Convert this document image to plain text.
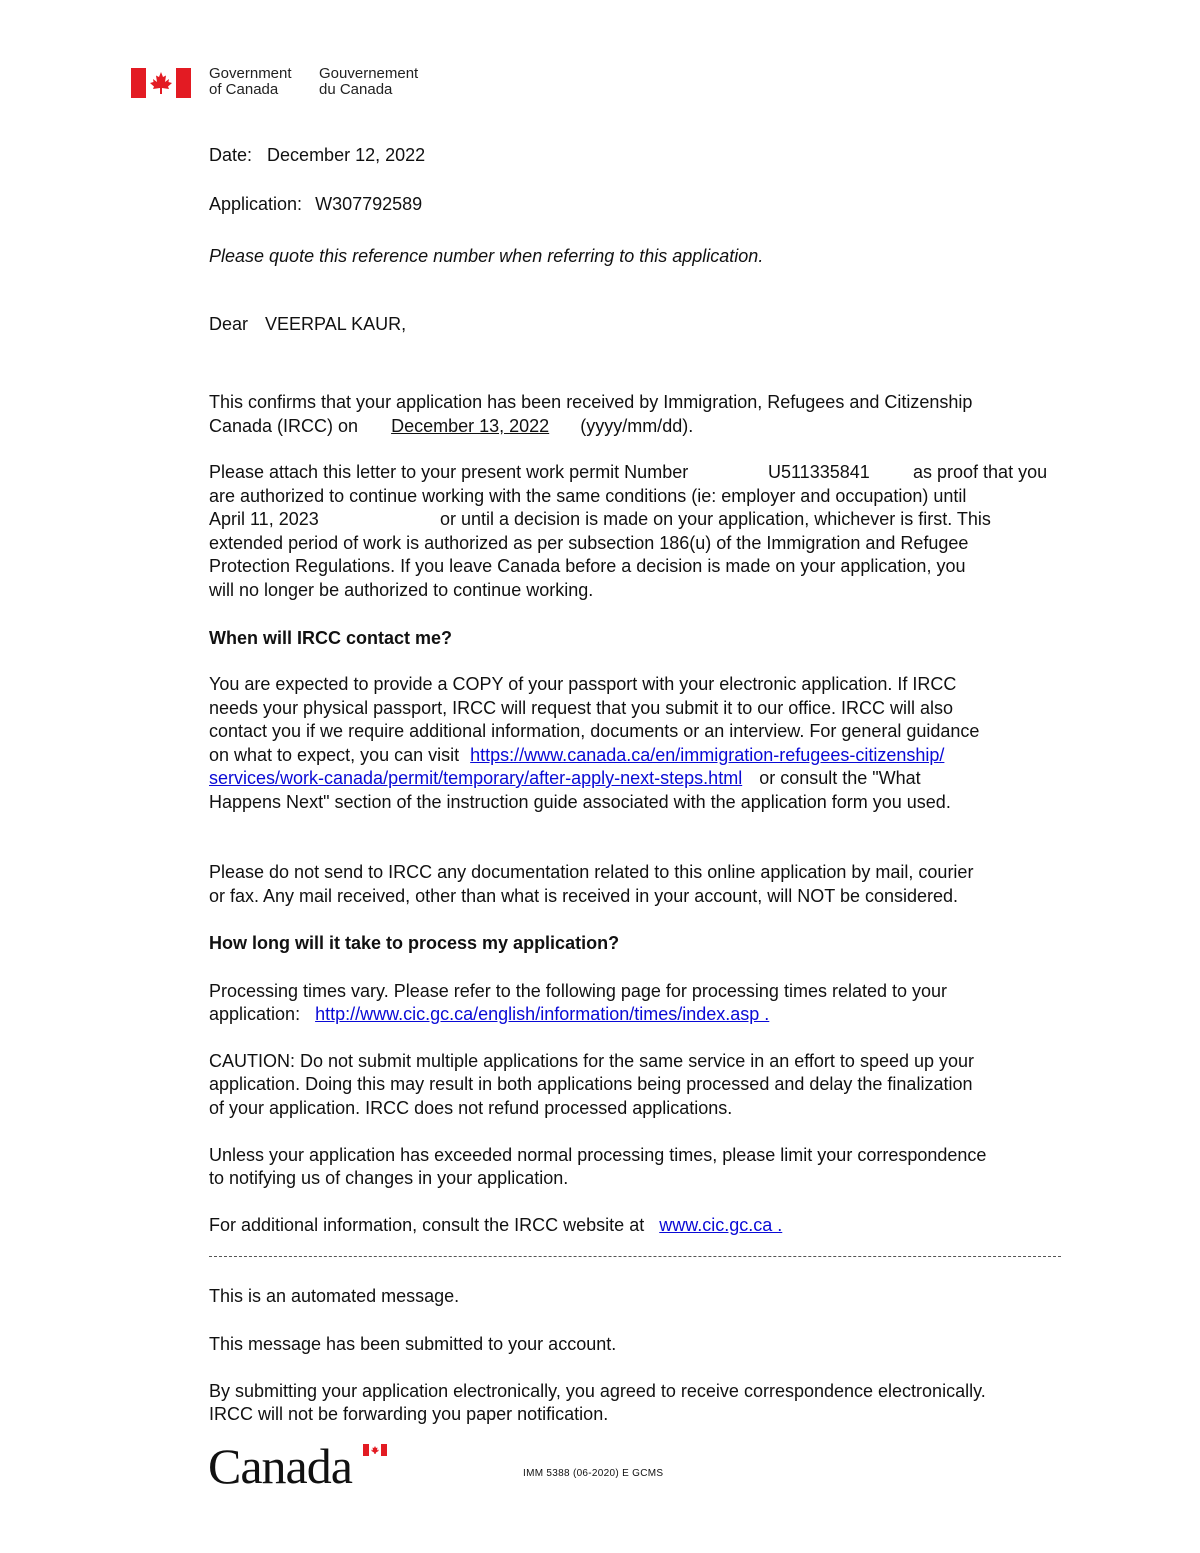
Government
of Canada
Gouvernement
du Canada
Date: December 12, 2022
Application: W307792589
Please quote this reference number when referring to this application.
Dear VEERPAL KAUR,
This confirms that your application has been received by Immigration, Refugees and Citizenship
Canada (IRCC) on December 13, 2022 (yyyy/mm/dd).
Please attach this letter to your present work permit Number	U511335841 as proof that you
are authorized to continue working with the same conditions (ie: employer and occupation) until
April 11, 2023	or until a decision is made on your application, whichever is first. This
extended period of work is authorized as per subsection 186(u) of the Immigration and Refugee
Protection Regulations. If you leave Canada before a decision is made on your application, you
will no longer be authorized to continue working.
When will IRCC contact me?
You are expected to provide a COPY of your passport with your electronic application. If IRCC
needs your physical passport, IRCC will request that you submit it to our office. IRCC will also
contact you if we require additional information, documents or an interview. For general guidance
on what to expect, you can visit https://www.canada.ca/en/immigration-refugees-citizenship/
services/work-canada/permit/temporary/after-apply-next-steps.html or consult the "What
Happens Next" section of the instruction guide associated with the application form you used.
Please do not send to IRCC any documentation related to this online application by mail, courier
or fax. Any mail received, other than what is received in your account, will NOT be considered.
How long will it take to process my application?
Processing times vary. Please refer to the following page for processing times related to your
application: http://www.cic.gc.ca/english/information/times/index.asp .
CAUTION: Do not submit multiple applications for the same service in an effort to speed up your
application. Doing this may result in both applications being processed and delay the finalization
of your application. IRCC does not refund processed applications.
Unless your application has exceeded normal processing times, please limit your correspondence
to notifying us of changes in your application.
For additional information, consult the IRCC website at www.cic.gc.ca .
This is an automated message.
This message has been submitted to your account.
By submitting your application electronically, you agreed to receive correspondence electronically.
IRCC will not be forwarding you paper notification.
Canada	IMM 5388 (06-2020) E GCMS
